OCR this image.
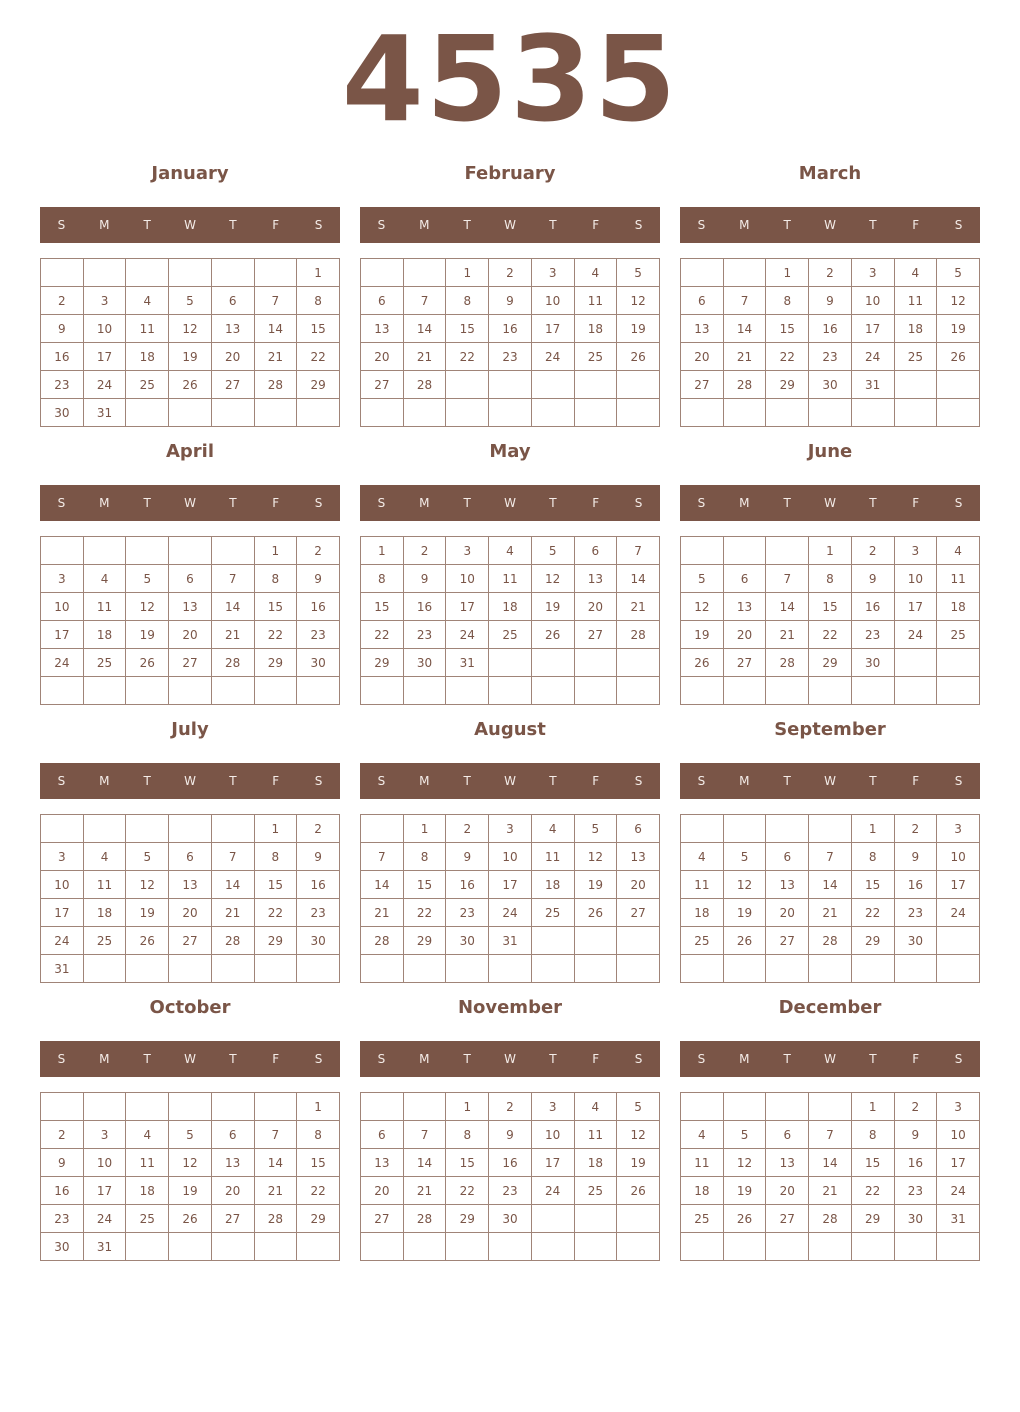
4535
January
S	M	T	W	T	F	S
						1
2	3	4	5	6	7	8
9	10	11	12	13	14	15
16	17	18	19	20	21	22
23	24	25	26	27	28	29
30	31					
February
S	M	T	W	T	F	S
		1	2	3	4	5
6	7	8	9	10	11	12
13	14	15	16	17	18	19
20	21	22	23	24	25	26
27	28					

March
S	M	T	W	T	F	S
		1	2	3	4	5
6	7	8	9	10	11	12
13	14	15	16	17	18	19
20	21	22	23	24	25	26
27	28	29	30	31		

April
S	M	T	W	T	F	S
					1	2
3	4	5	6	7	8	9
10	11	12	13	14	15	16
17	18	19	20	21	22	23
24	25	26	27	28	29	30

May
S	M	T	W	T	F	S
1	2	3	4	5	6	7
8	9	10	11	12	13	14
15	16	17	18	19	20	21
22	23	24	25	26	27	28
29	30	31				

June
S	M	T	W	T	F	S
			1	2	3	4
5	6	7	8	9	10	11
12	13	14	15	16	17	18
19	20	21	22	23	24	25
26	27	28	29	30		

July
S	M	T	W	T	F	S
					1	2
3	4	5	6	7	8	9
10	11	12	13	14	15	16
17	18	19	20	21	22	23
24	25	26	27	28	29	30
31						
August
S	M	T	W	T	F	S
	1	2	3	4	5	6
7	8	9	10	11	12	13
14	15	16	17	18	19	20
21	22	23	24	25	26	27
28	29	30	31			

September
S	M	T	W	T	F	S
				1	2	3
4	5	6	7	8	9	10
11	12	13	14	15	16	17
18	19	20	21	22	23	24
25	26	27	28	29	30	

October
S	M	T	W	T	F	S
						1
2	3	4	5	6	7	8
9	10	11	12	13	14	15
16	17	18	19	20	21	22
23	24	25	26	27	28	29
30	31					
November
S	M	T	W	T	F	S
		1	2	3	4	5
6	7	8	9	10	11	12
13	14	15	16	17	18	19
20	21	22	23	24	25	26
27	28	29	30			

December
S	M	T	W	T	F	S
				1	2	3
4	5	6	7	8	9	10
11	12	13	14	15	16	17
18	19	20	21	22	23	24
25	26	27	28	29	30	31
